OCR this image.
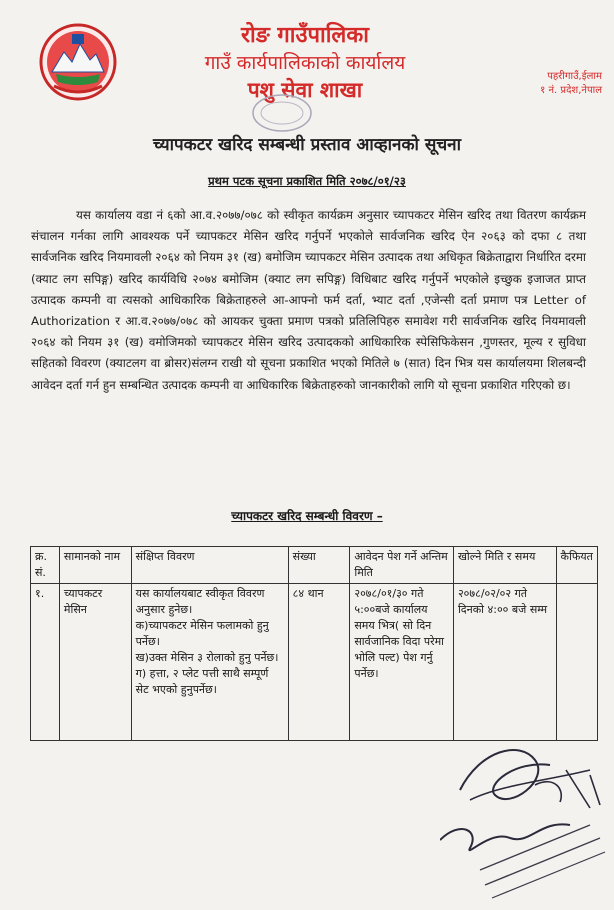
रोङ गाउँपालिका
गाउँ कार्यपालिकाको कार्यालय
पशु सेवा शाखा
पहरीगाउँ,ईलाम
१ नं. प्रदेश,नेपाल
च्यापकटर खरिद सम्बन्धी प्रस्ताव आव्हानको सूचना
प्रथम पटक सूचना प्रकाशित मिति २०७८/०१/२३
यस कार्यालय वडा नं ६को आ.व.२०७७/०७८ को स्वीकृत कार्यक्रम अनुसार च्यापकटर मेसिन खरिद तथा वितरण कार्यक्रम संचालन गर्नका लागि आवश्यक पर्ने च्यापकटर मेसिन खरिद गर्नुपर्ने भएकोले सार्वजनिक खरिद ऐन २०६३ को दफा ८ तथा सार्वजनिक खरिद नियमावली २०६४ को नियम ३१ (ख) बमोजिम च्यापकटर मेसिन उत्पादक तथा अधिकृत बिक्रेताद्वारा निर्धारित दरमा (क्याट लग सपिङ्ग) खरिद कार्यविधि २०७४ बमोजिम (क्याट लग सपिङ्ग) विधिबाट खरिद गर्नुपर्ने भएकोले इच्छुक इजाजत प्राप्त उत्पादक कम्पनी वा त्यसको आधिकारिक बिक्रेताहरुले आ-आफ्नो फर्म दर्ता, भ्याट दर्ता ,एजेन्सी दर्ता प्रमाण पत्र Letter of Authorization र आ.व.२०७७/०७८ को आयकर चुक्ता प्रमाण पत्रको प्रतिलिपिहरु समावेश गरी सार्वजनिक खरिद नियमावली २०६४ को नियम ३१ (ख) वमोजिमको च्यापकटर मेसिन खरिद उत्पादकको आधिकारिक स्पेसिफिकेसन ,गुणस्तर, मूल्य र सुविधा सहितको विवरण (क्याटलग वा ब्रोसर)संलग्न राखी यो सूचना प्रकाशित भएको मितिले ७ (सात) दिन भित्र यस कार्यालयमा शिलबन्दी आवेदन दर्ता गर्न हुन सम्बन्धित उत्पादक कम्पनी वा आधिकारिक बिक्रेताहरुको जानकारीको लागि यो सूचना प्रकाशित गरिएको छ।
च्यापकटर खरिद सम्बन्धी विवरण –
क्र. सं.	सामानको नाम	संक्षिप्त विवरण	संख्या	आवेदन पेश गर्ने अन्तिम मिति	खोल्ने मिति र समय	कैफियत
१.	च्यापकटर मेसिन	यस कार्यालयबाट स्वीकृत विवरण अनुसार हुनेछ।
क)च्यापकटर मेसिन फलामको हुनु पर्नेछ।
ख)उक्त मेसिन ३ रोलाको हुनु पर्नेछ।
ग) हत्ता, २ प्लेट पत्ती साथै सम्पूर्ण सेट भएको हुनुपर्नेछ।	८४ थान	२०७८/०१/३० गते ५:००बजे कार्यालय समय भित्र( सो दिन सार्वजानिक विदा परेमा भोलि पल्ट) पेश गर्नु पर्नेछ।	२०७८/०२/०२ गते दिनको ४:०० बजे सम्म	
